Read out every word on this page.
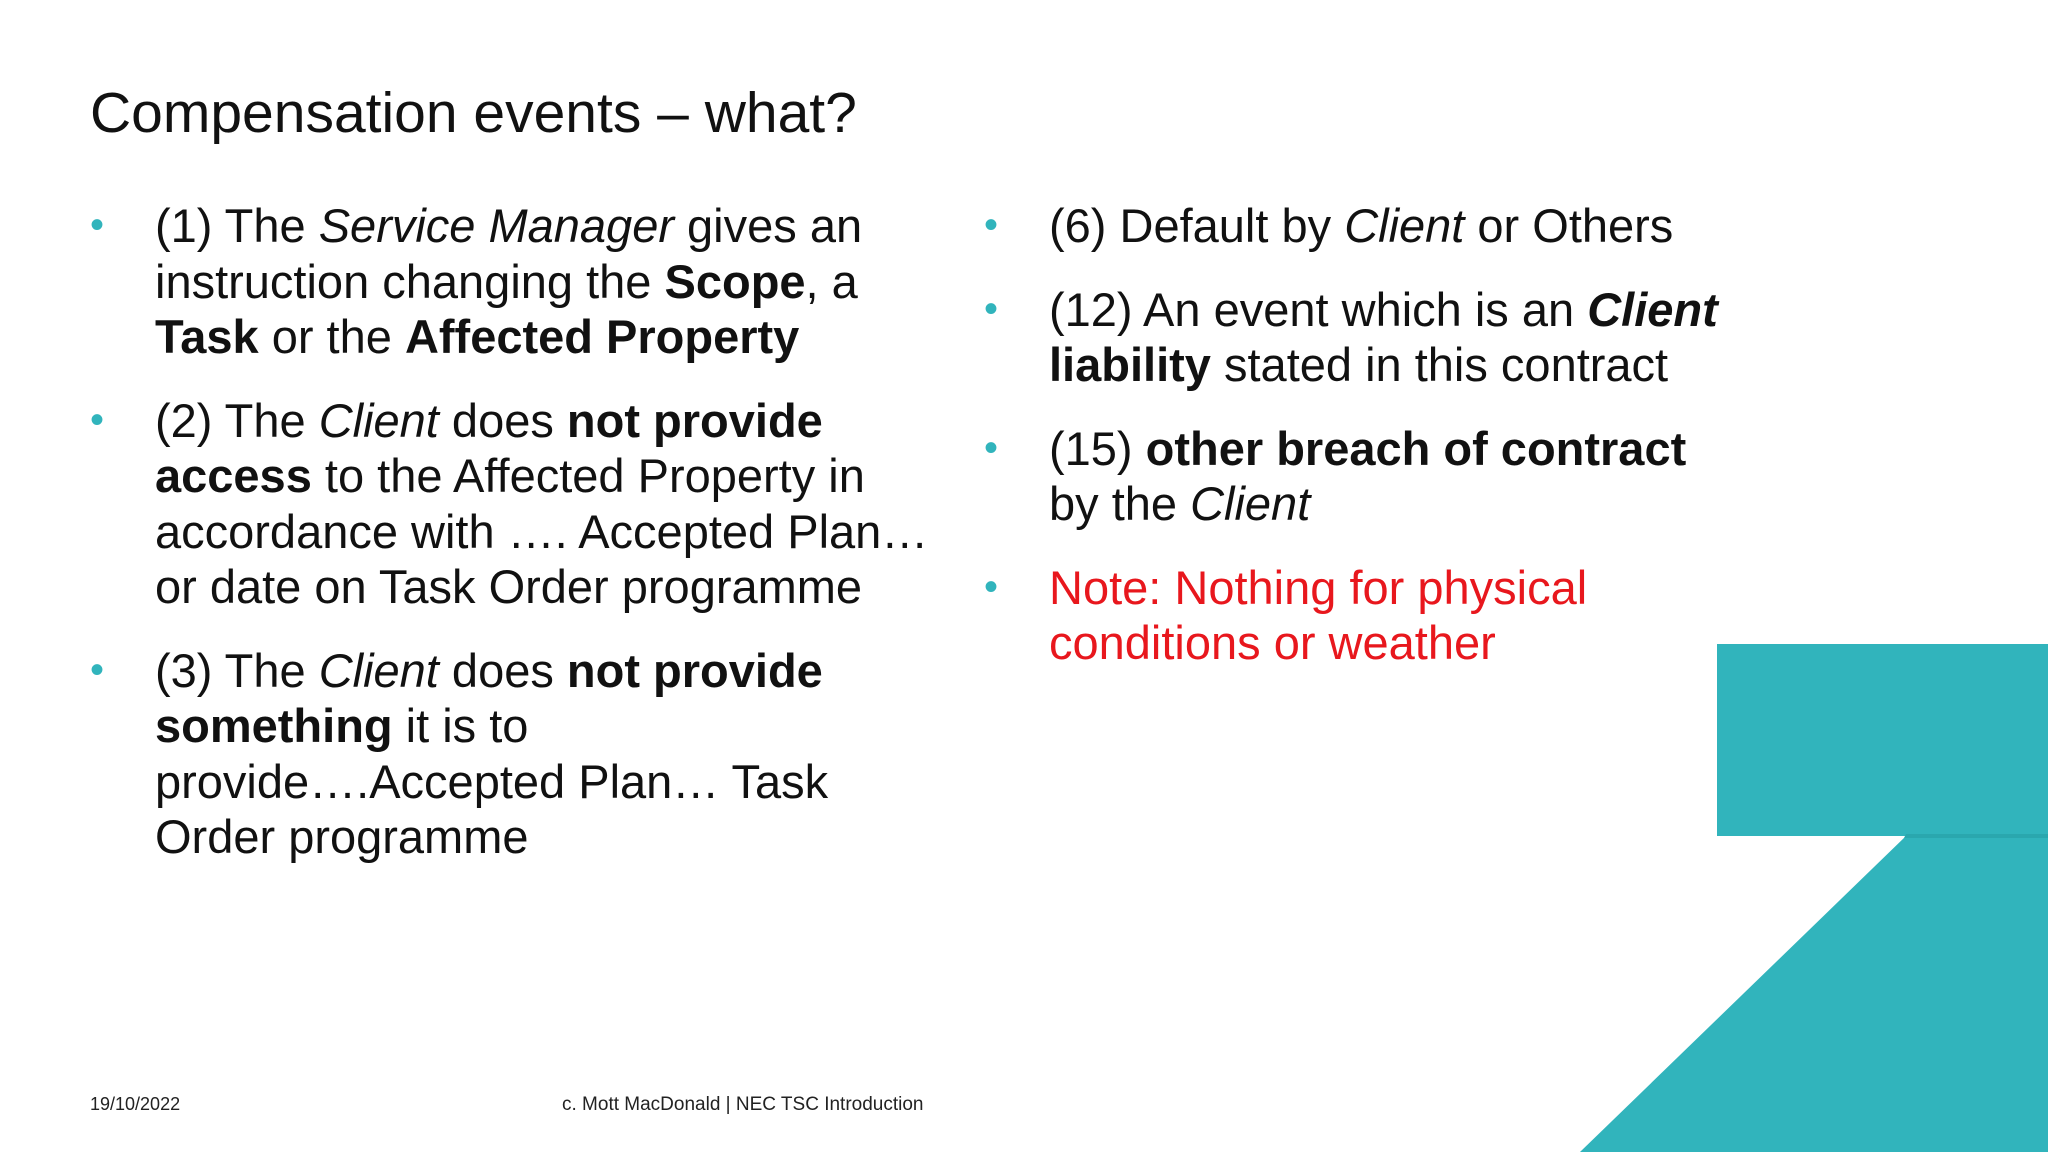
Compensation events – what?
• (1) The Service Manager gives an instruction changing the Scope, a Task or the Affected Property
• (2) The Client does not provide access to the Affected Property in accordance with …. Accepted Plan… or date on Task Order programme
• (3) The Client does not provide something it is to provide….Accepted Plan… Task Order programme
• (6) Default by Client or Others
• (12) An event which is an Client liability stated in this contract
• (15) other breach of contract by the Client
• Note: Nothing for physical conditions or weather
19/10/2022	c. Mott MacDonald | NEC TSC Introduction
